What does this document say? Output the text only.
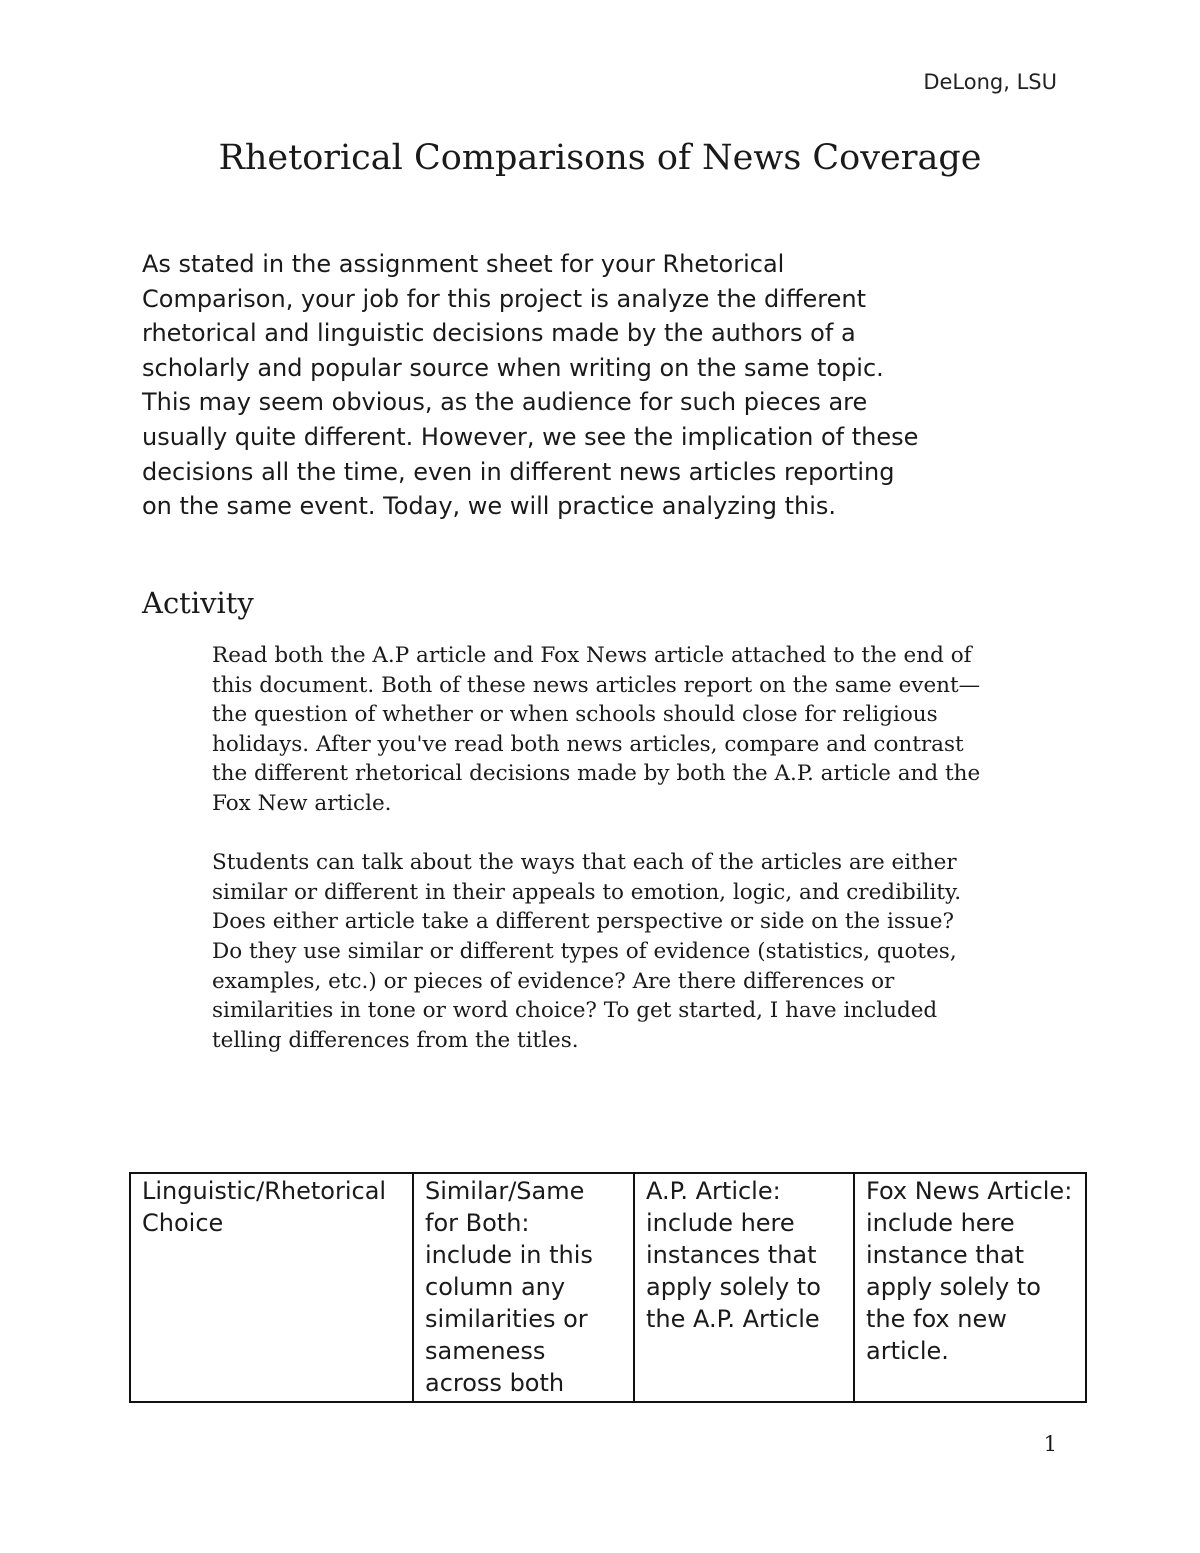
DeLong, LSU
Rhetorical Comparisons of News Coverage

As stated in the assignment sheet for your Rhetorical
Comparison, your job for this project is analyze the different
rhetorical and linguistic decisions made by the authors of a
scholarly and popular source when writing on the same topic.
This may seem obvious, as the audience for such pieces are
usually quite different. However, we see the implication of these
decisions all the time, even in different news articles reporting
on the same event. Today, we will practice analyzing this.

Activity

Read both the A.P article and Fox News article attached to the end of
this document. Both of these news articles report on the same event—
the question of whether or when schools should close for religious
holidays. After you've read both news articles, compare and contrast
the different rhetorical decisions made by both the A.P. article and the
Fox New article.

Students can talk about the ways that each of the articles are either
similar or different in their appeals to emotion, logic, and credibility.
Does either article take a different perspective or side on the issue?
Do they use similar or different types of evidence (statistics, quotes,
examples, etc.) or pieces of evidence? Are there differences or
similarities in tone or word choice? To get started, I have included
telling differences from the titles.

Linguistic/Rhetorical Choice	Similar/Same for Both: include in this column any similarities or sameness across both	A.P. Article: include here instances that apply solely to the A.P. Article	Fox News Article: include here instance that apply solely to the fox new article.
1
